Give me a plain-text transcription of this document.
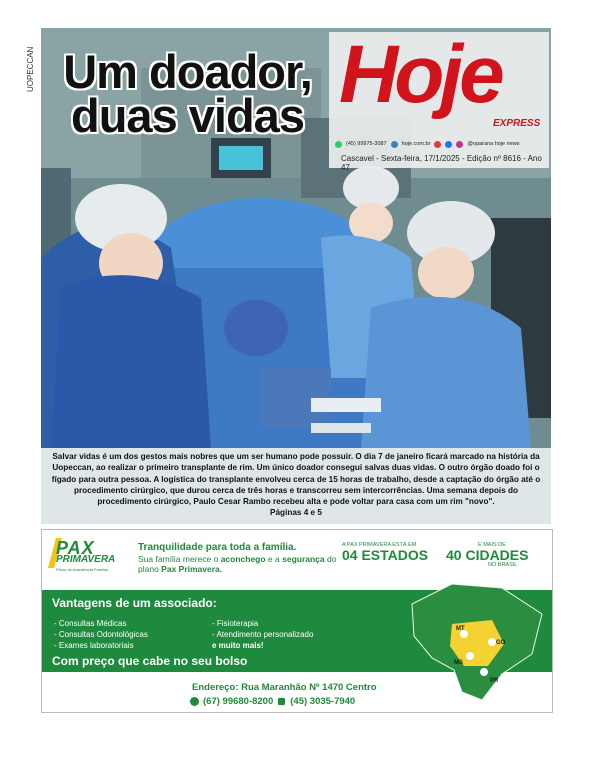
UOPECCAN	Hoje
EXPRESS
(45) 99975-3087	hoje.com.br	@oparana hoje news
Cascavel - Sexta-feira, 17/1/2025 - Edição nº 8616 - Ano 47
Um doador,
duas vidas

Salvar vidas é um dos gestos mais nobres que um ser humano pode possuir. O dia 7 de janeiro ficará marcado na história da Uopeccan, ao realizar o primeiro transplante de rim. Um único doador consegui salvas duas vidas. O outro órgão doado foi o fígado para outra pessoa. A logística do transplante envolveu cerca de 15 horas de trabalho, desde a captação do órgão até o procedimento cirúrgico, que durou cerca de três horas e transcorreu sem intercorrências. Uma semana depois do procedimento cirúrgico, Paulo Cesar Rambo recebeu alta e pode voltar para casa com um rim "novo".
Páginas 4 e 5

PAX
PRIMAVERA
Plano de Assistência Familiar
Tranquilidade para toda a família.
Sua família merece o aconchego e a segurança do plano Pax Primavera.
A PAX PRIMAVERA ESTÁ EM
04 ESTADOS
E MAIS DE
40 CIDADES
NO BRASIL
Vantagens de um associado:
- Consultas Médicas
- Consultas Odontológicas
- Exames laboratoriais
- Fisioterapia
- Atendimento personalizado
e muito mais!
Com preço que cabe no seu bolso
MT
GO
MS
PR
Endereço: Rua Maranhão Nº 1470 Centro
(67) 99680-8200 (45) 3035-7940
